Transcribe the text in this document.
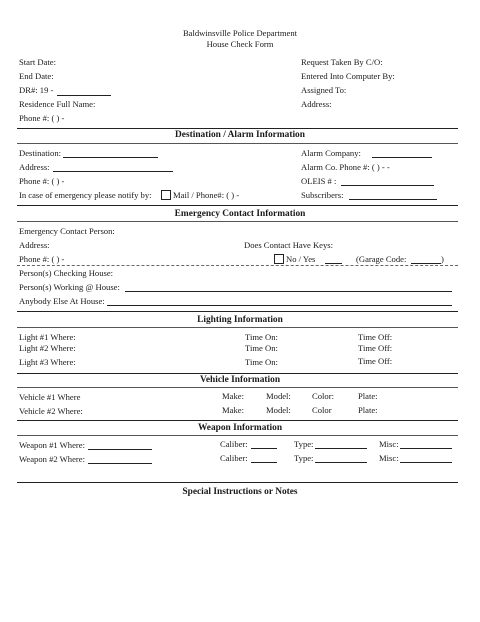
Baldwinsville Police Department
House Check Form
Start Date:
End Date:
DR#: 19 -
Residence Full Name:
Phone #: ( ) -
Request Taken By C/O:
Entered Into Computer By:
Assigned To:
Address:
Destination / Alarm Information
Destination:
Address:
Phone #: ( ) -
In case of emergency please notify by: Mail / Phone#: ( ) -
Alarm Company:
Alarm Co. Phone #: ( ) - -
OLEIS # :
Subscribers:
Emergency Contact Information
Emergency Contact Person:
Address:
Phone #: ( ) -
Does Contact Have Keys:
No / Yes	(Garage Code:	)
Person(s) Checking House:
Person(s) Working @ House:
Anybody Else At House:
Lighting Information
Light #1 Where:	Time On:	Time Off:
Light #2 Where:	Time On:	Time Off:
Light #3 Where:	Time On:	Time Off:
Vehicle Information
Vehicle #1 Where	Make:	Model: Color:	Plate:
Vehicle #2 Where:	Make:	Model: Color	Plate:
Weapon Information
Weapon #1 Where:	Caliber:	Type:	Misc:
Weapon #2 Where:	Caliber:	Type:	Misc:
Special Instructions or Notes
